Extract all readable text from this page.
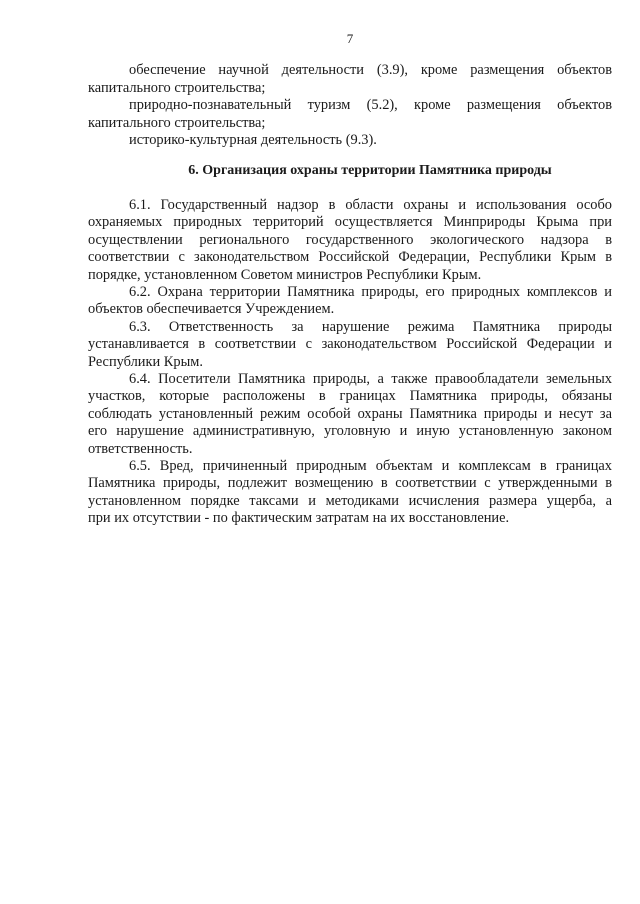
7
обеспечение научной деятельности (3.9), кроме размещения объектов
капитального строительства;
природно-познавательный туризм (5.2), кроме размещения объектов
капитального строительства;
историко-культурная деятельность (9.3).
6. Организация охраны территории Памятника природы
6.1. Государственный надзор в области охраны и использования особо
охраняемых природных территорий осуществляется Минприроды Крыма при
осуществлении регионального государственного экологического надзора в
соответствии с законодательством Российской Федерации, Республики Крым в
порядке, установленном Советом министров Республики Крым.
6.2. Охрана территории Памятника природы, его природных комплексов и
объектов обеспечивается Учреждением.
6.3. Ответственность за нарушение режима Памятника природы
устанавливается в соответствии с законодательством Российской Федерации и
Республики Крым.
6.4. Посетители Памятника природы, а также правообладатели земельных
участков, которые расположены в границах Памятника природы, обязаны
соблюдать установленный режим особой охраны Памятника природы и несут за
его нарушение административную, уголовную и иную установленную законом
ответственность.
6.5. Вред, причиненный природным объектам и комплексам в границах
Памятника природы, подлежит возмещению в соответствии с утвержденными в
установленном порядке таксами и методиками исчисления размера ущерба, а
при их отсутствии - по фактическим затратам на их восстановление.
